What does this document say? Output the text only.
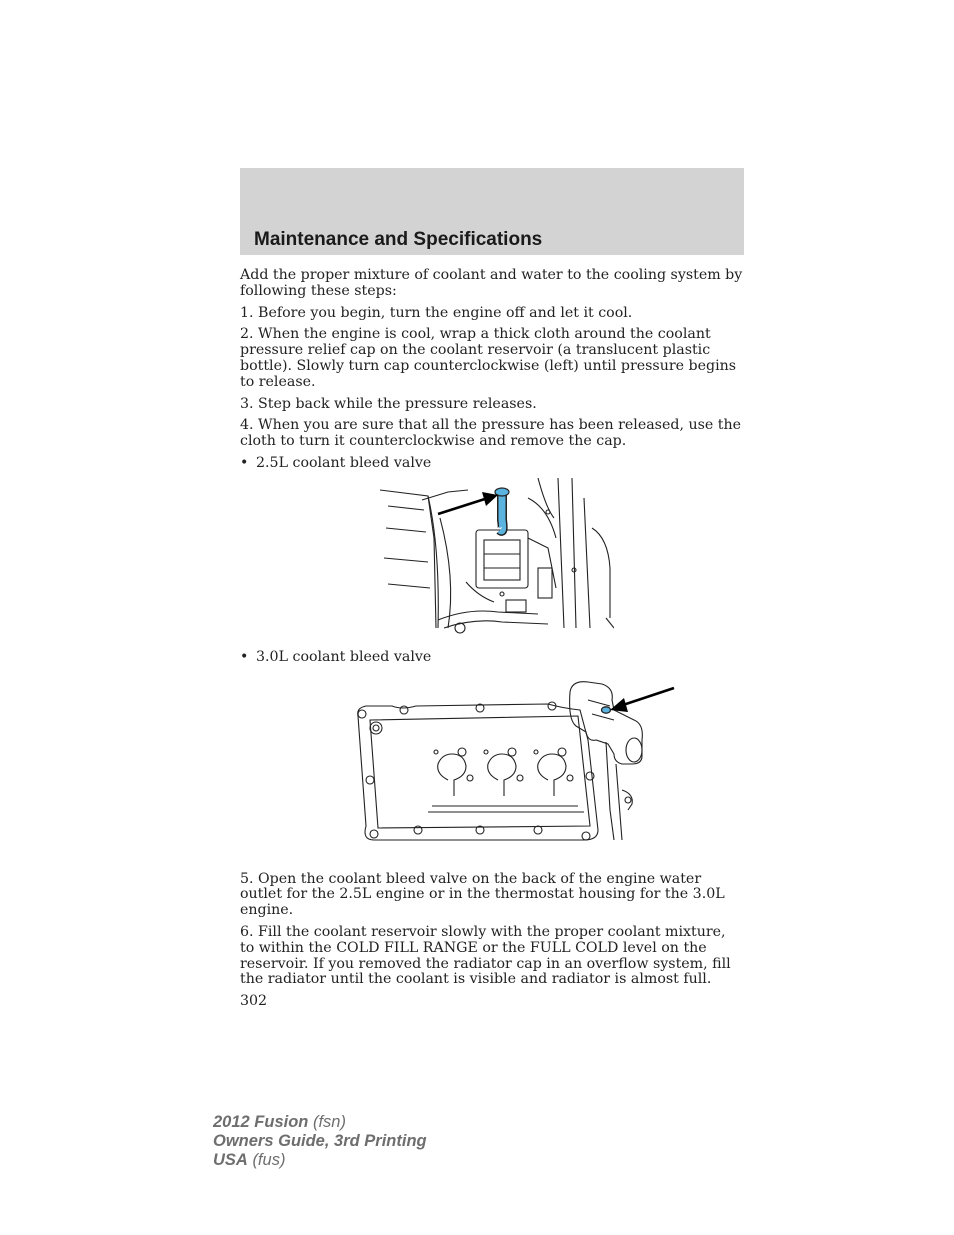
Maintenance and Specifications

Add the proper mixture of coolant and water to the cooling system by following these steps:

1. Before you begin, turn the engine off and let it cool.

2. When the engine is cool, wrap a thick cloth around the coolant pressure relief cap on the coolant reservoir (a translucent plastic bottle). Slowly turn cap counterclockwise (left) until pressure begins to release.

3. Step back while the pressure releases.

4. When you are sure that all the pressure has been released, use the cloth to turn it counterclockwise and remove the cap.

• 2.5L coolant bleed valve
• 3.0L coolant bleed valve

5. Open the coolant bleed valve on the back of the engine water outlet for the 2.5L engine or in the thermostat housing for the 3.0L engine.

6. Fill the coolant reservoir slowly with the proper coolant mixture, to within the COLD FILL RANGE or the FULL COLD level on the reservoir. If you removed the radiator cap in an overflow system, fill the radiator until the coolant is visible and radiator is almost full.

302
2012 Fusion (fsn)
Owners Guide, 3rd Printing
USA (fus)
